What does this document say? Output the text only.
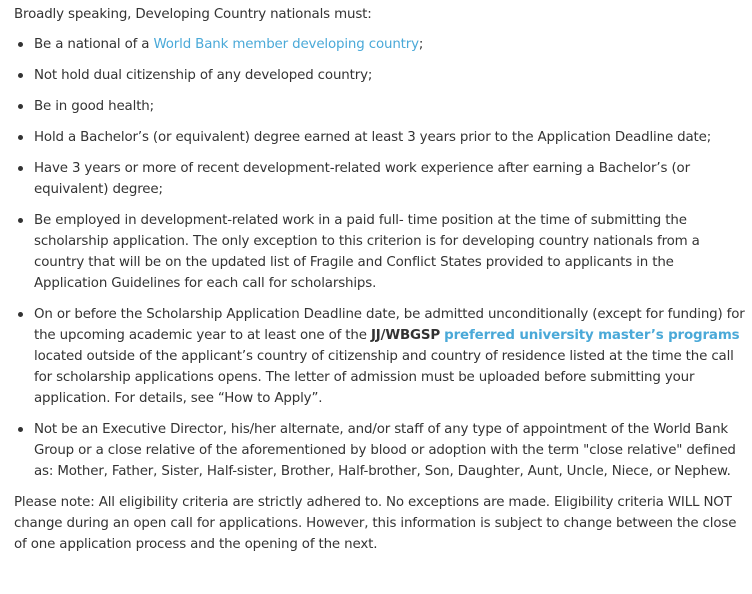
Broadly speaking, Developing Country nationals must:

Be a national of a World Bank member developing country;
Not hold dual citizenship of any developed country;
Be in good health;
Hold a Bachelor’s (or equivalent) degree earned at least 3 years prior to the Application Deadline date;
Have 3 years or more of recent development-related work experience after earning a Bachelor’s (or equivalent) degree;
Be employed in development-related work in a paid full- time position at the time of submitting the scholarship application. The only exception to this criterion is for developing country nationals from a country that will be on the updated list of Fragile and Conflict States provided to applicants in the Application Guidelines for each call for scholarships.
On or before the Scholarship Application Deadline date, be admitted unconditionally (except for funding) for the upcoming academic year to at least one of the JJ/WBGSP preferred university master’s programs located outside of the applicant’s country of citizenship and country of residence listed at the time the call for scholarship applications opens. The letter of admission must be uploaded before submitting your application. For details, see “How to Apply”.
Not be an Executive Director, his/her alternate, and/or staff of any type of appointment of the World Bank Group or a close relative of the aforementioned by blood or adoption with the term "close relative" defined as: Mother, Father, Sister, Half-sister, Brother, Half-brother, Son, Daughter, Aunt, Uncle, Niece, or Nephew.

Please note: All eligibility criteria are strictly adhered to. No exceptions are made. Eligibility criteria WILL NOT change during an open call for applications. However, this information is subject to change between the close of one application process and the opening of the next.
